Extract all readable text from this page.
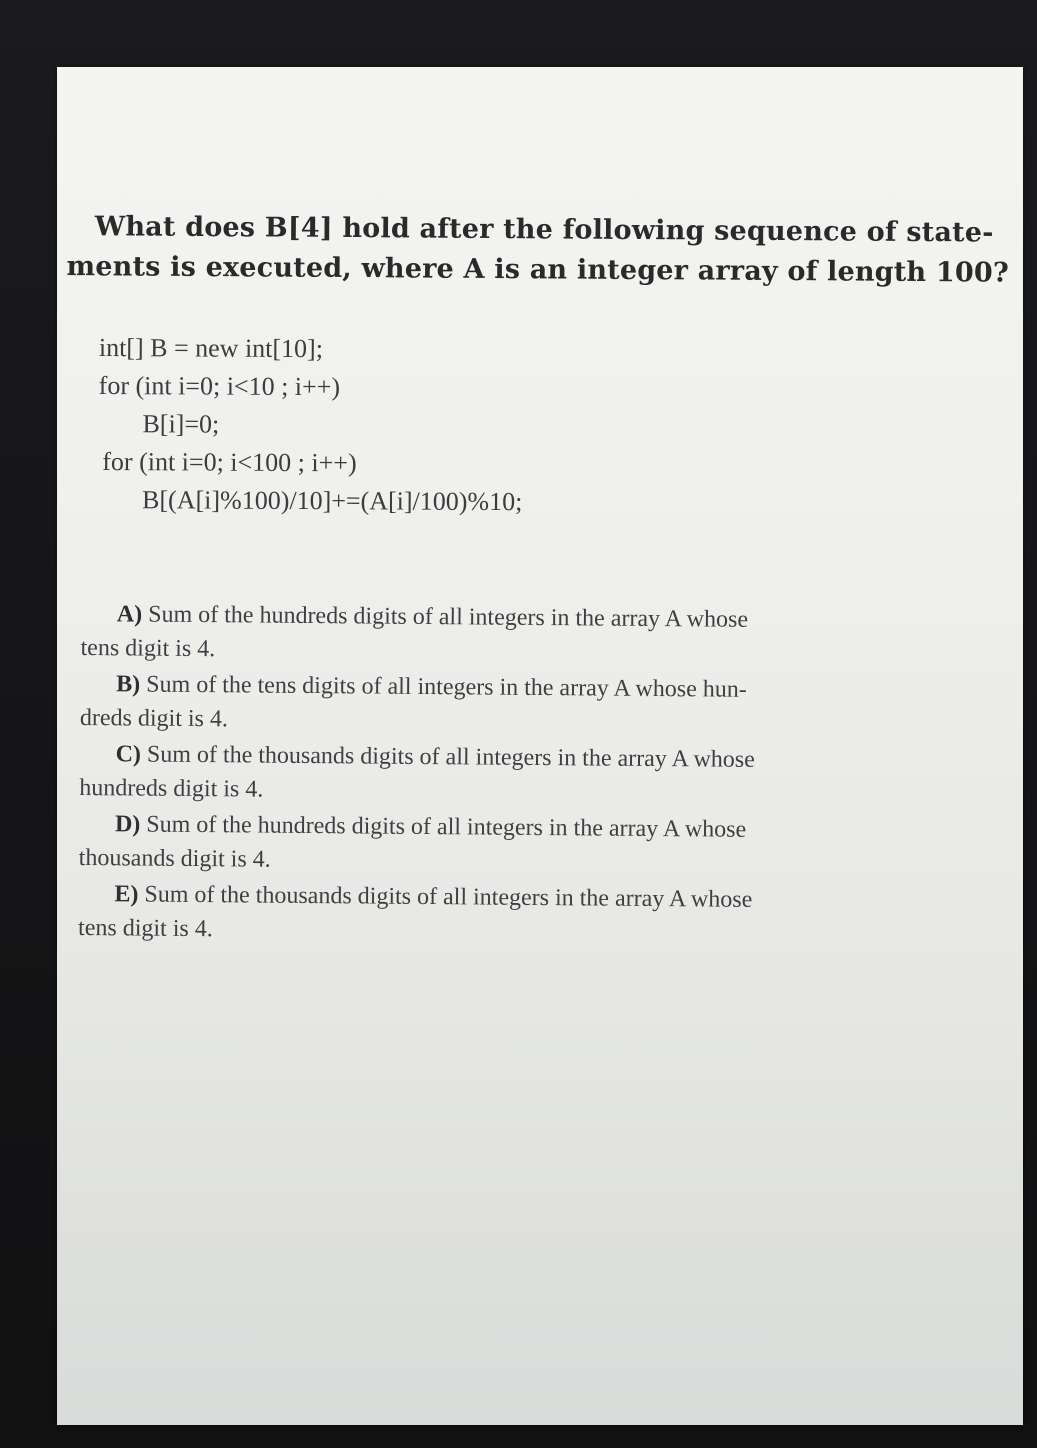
What does B[4] hold after the following sequence of state-
ments is executed, where A is an integer array of length 100?
int[] B = new int[10];
for (int i=0; i<10 ; i++)
B[i]=0;
for (int i=0; i<100 ; i++)
B[(A[i]%100)/10]+=(A[i]/100)%10;
A) Sum of the hundreds digits of all integers in the array A whose
tens digit is 4.
B) Sum of the tens digits of all integers in the array A whose hun-
dreds digit is 4.
C) Sum of the thousands digits of all integers in the array A whose
hundreds digit is 4.
D) Sum of the hundreds digits of all integers in the array A whose
thousands digit is 4.
E) Sum of the thousands digits of all integers in the array A whose
tens digit is 4.
